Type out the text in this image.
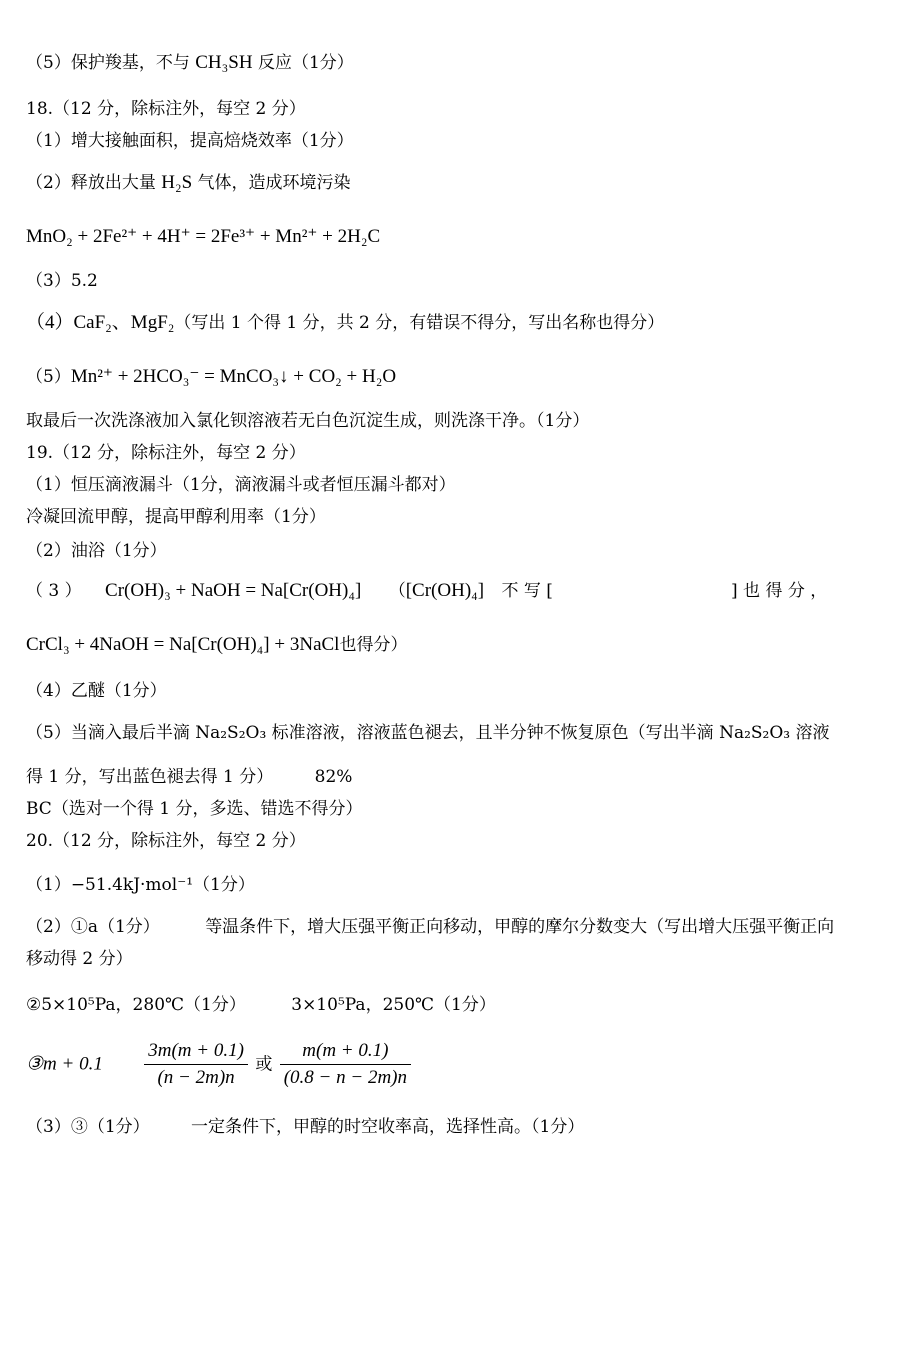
（5）保护羧基，不与 CH₃SH 反应（1分）
18.（12 分，除标注外，每空 2 分）
（1）增大接触面积，提高焙烧效率（1分）
（2）释放出大量 H₂S 气体，造成环境污染
MnO₂ + 2Fe²⁺ + 4H⁺ = 2Fe³⁺ + Mn²⁺ + 2H₂C
（3）5.2
（4）CaF₂、MgF₂（写出 1 个得 1 分，共 2 分，有错误不得分，写出名称也得分）
（5）Mn²⁺ + 2HCO₃⁻ = MnCO₃↓ + CO₂ + H₂O
取最后一次洗涤液加入氯化钡溶液若无白色沉淀生成，则洗涤干净。（1分）
19.（12 分，除标注外，每空 2 分）
（1）恒压滴液漏斗（1分，滴液漏斗或者恒压漏斗都对）
冷凝回流甲醇，提高甲醇利用率（1分）
（2）油浴（1分）
（ 3 ） Cr(OH)₃ + NaOH = Na[Cr(OH)₄] （[Cr(OH)₄] 不 写 [	] 也 得 分 ，
CrCl₃ + 4NaOH = Na[Cr(OH)₄] + 3NaCl也得分）
（4）乙醚（1分）
（5）当滴入最后半滴 Na₂S₂O₃ 标准溶液，溶液蓝色褪去，且半分钟不恢复原色（写出半滴 Na₂S₂O₃ 溶液
得 1 分，写出蓝色褪去得 1 分） 82%
BC（选对一个得 1 分，多选、错选不得分）
20.（12 分，除标注外，每空 2 分）
（1）−51.4kJ·mol⁻¹（1分）
（2）①a（1分）	等温条件下，增大压强平衡正向移动，甲醇的摩尔分数变大（写出增大压强平衡正向
移动得 2 分）
②5×10⁵Pa，280℃（1分）	3×10⁵Pa，250℃（1分）
③m + $0.1 \frac{3m(m + 0.1)}{(n - 2m)n}$ 或 $\frac{m(m + 0.1)}{(0.8 - n - 2m)n}$
（3）③（1分） 一定条件下，甲醇的时空收率高，选择性高。（1分）
